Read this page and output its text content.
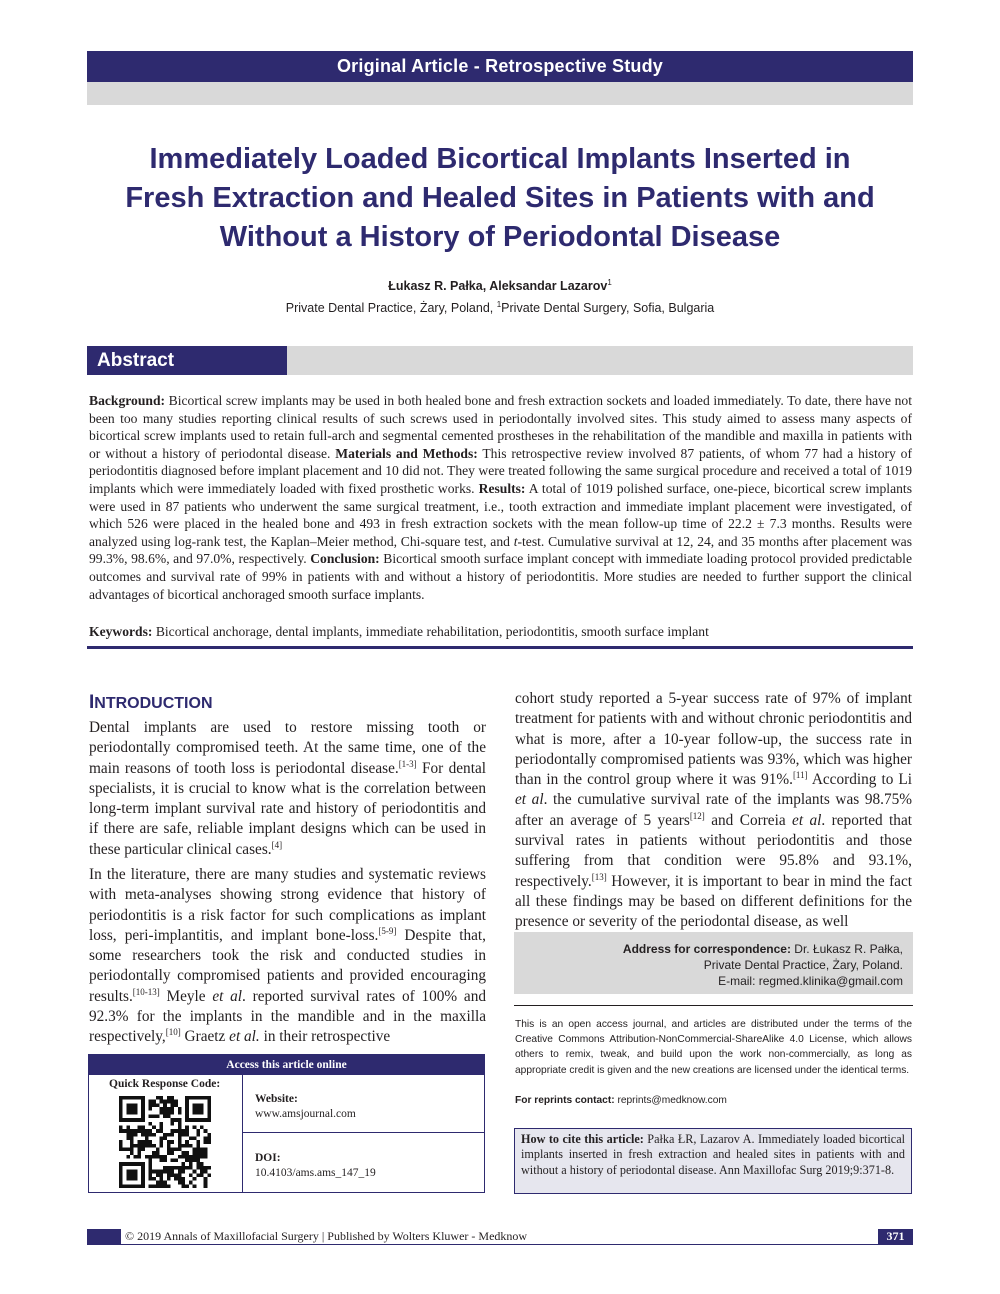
Original Article - Retrospective Study
Immediately Loaded Bicortical Implants Inserted in Fresh Extraction and Healed Sites in Patients with and Without a History of Periodontal Disease
Łukasz R. Pałka, Aleksandar Lazarov$^1$
Private Dental Practice, Żary, Poland, $^1$Private Dental Surgery, Sofia, Bulgaria
Abstract
Background: Bicortical screw implants may be used in both healed bone and fresh extraction sockets and loaded immediately. To date, there have not been too many studies reporting clinical results of such screws used in periodontally involved sites. This study aimed to assess many aspects of bicortical screw implants used to retain full-arch and segmental cemented prostheses in the rehabilitation of the mandible and maxilla in patients with or without a history of periodontal disease. Materials and Methods: This retrospective review involved 87 patients, of whom 77 had a history of periodontitis diagnosed before implant placement and 10 did not. They were treated following the same surgical procedure and received a total of 1019 implants which were immediately loaded with fixed prosthetic works. Results: A total of 1019 polished surface, one-piece, bicortical screw implants were used in 87 patients who underwent the same surgical treatment, i.e., tooth extraction and immediate implant placement were investigated, of which 526 were placed in the healed bone and 493 in fresh extraction sockets with the mean follow-up time of 22.2 ± 7.3 months. Results were analyzed using log-rank test, the Kaplan–Meier method, Chi-square test, and t-test. Cumulative survival at 12, 24, and 35 months after placement was 99.3%, 98.6%, and 97.0%, respectively. Conclusion: Bicortical smooth surface implant concept with immediate loading protocol provided predictable outcomes and survival rate of 99% in patients with and without a history of periodontitis. More studies are needed to further support the clinical advantages of bicortical anchoraged smooth surface implants.
Keywords: Bicortical anchorage, dental implants, immediate rehabilitation, periodontitis, smooth surface implant
INTRODUCTION
Dental implants are used to restore missing tooth or periodontally compromised teeth. At the same time, one of the main reasons of tooth loss is periodontal disease.[1-3] For dental specialists, it is crucial to know what is the correlation between long-term implant survival rate and history of periodontitis and if there are safe, reliable implant designs which can be used in these particular clinical cases.[4]
In the literature, there are many studies and systematic reviews with meta-analyses showing strong evidence that history of periodontitis is a risk factor for such complications as implant loss, peri-implantitis, and implant bone-loss.[5-9] Despite that, some researchers took the risk and conducted studies in periodontally compromised patients and provided encouraging results.[10-13] Meyle et al. reported survival rates of 100% and 92.3% for the implants in the mandible and in the maxilla respectively,[10] Graetz et al. in their retrospective
Access this article online
Quick Response Code:
Website:
www.amsjournal.com
DOI:
10.4103/ams.ams_147_19
cohort study reported a 5-year success rate of 97% of implant treatment for patients with and without chronic periodontitis and what is more, after a 10-year follow-up, the success rate in periodontally compromised patients was 93%, which was higher than in the control group where it was 91%.[11] According to Li et al. the cumulative survival rate of the implants was 98.75% after an average of 5 years[12] and Correia et al. reported that survival rates in patients without periodontitis and those suffering from that condition were 95.8% and 93.1%, respectively.[13] However, it is important to bear in mind the fact all these findings may be based on different definitions for the presence or severity of the periodontal disease, as well
Address for correspondence: Dr. Łukasz R. Pałka,
Private Dental Practice, Żary, Poland.
E-mail: regmed.klinika@gmail.com
This is an open access journal, and articles are distributed under the terms of the Creative Commons Attribution-NonCommercial-ShareAlike 4.0 License, which allows others to remix, tweak, and build upon the work non-commercially, as long as appropriate credit is given and the new creations are licensed under the identical terms.
For reprints contact: reprints@medknow.com
How to cite this article: Pałka ŁR, Lazarov A. Immediately loaded bicortical implants inserted in fresh extraction and healed sites in patients with and without a history of periodontal disease. Ann Maxillofac Surg 2019;9:371-8.
© 2019 Annals of Maxillofacial Surgery | Published by Wolters Kluwer - Medknow	371
